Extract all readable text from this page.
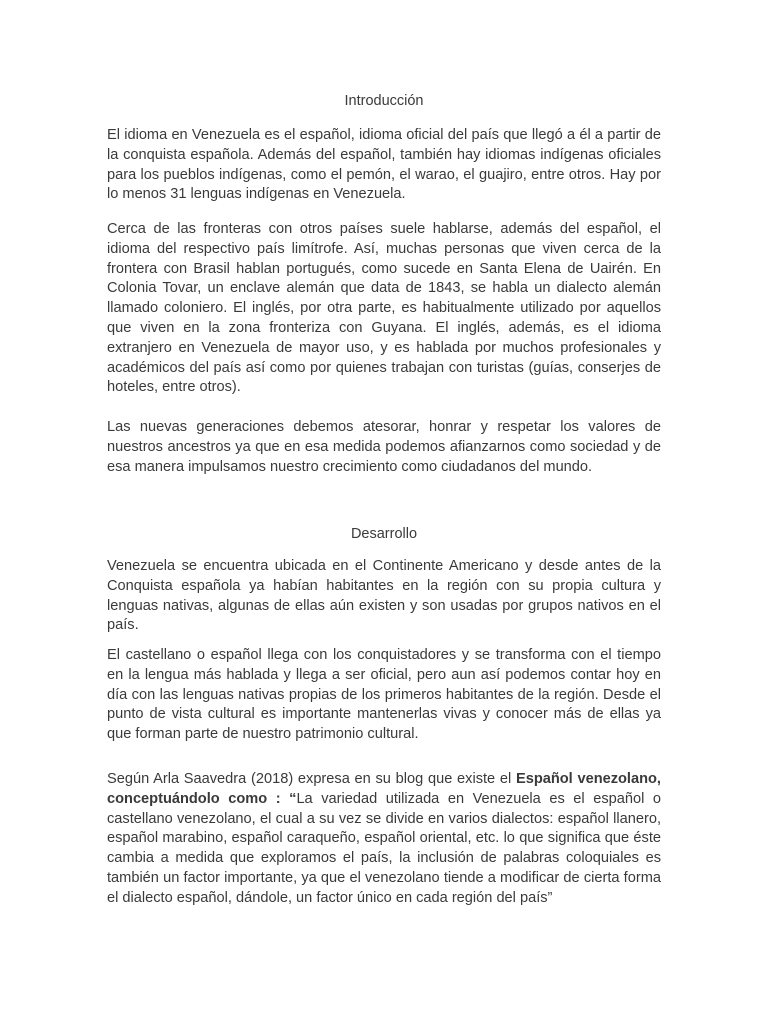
Introducción

El idioma en Venezuela es el español, idioma oficial del país que llegó a él a partir de la conquista española. Además del español, también hay idiomas indígenas oficiales para los pueblos indígenas, como el pemón, el warao, el guajiro, entre otros. Hay por lo menos 31 lenguas indígenas en Venezuela.

Cerca de las fronteras con otros países suele hablarse, además del español, el idioma del respectivo país limítrofe. Así, muchas personas que viven cerca de la frontera con Brasil hablan portugués, como sucede en Santa Elena de Uairén. En Colonia Tovar, un enclave alemán que data de 1843, se habla un dialecto alemán llamado coloniero. El inglés, por otra parte, es habitualmente utilizado por aquellos que viven en la zona fronteriza con Guyana. El inglés, además, es el idioma extranjero en Venezuela de mayor uso, y es hablada por muchos profesionales y académicos del país así como por quienes trabajan con turistas (guías, conserjes de hoteles, entre otros).

Las nuevas generaciones debemos atesorar, honrar y respetar los valores de nuestros ancestros ya que en esa medida podemos afianzarnos como sociedad y de esa manera impulsamos nuestro crecimiento como ciudadanos del mundo.

Desarrollo

Venezuela se encuentra ubicada en el Continente Americano y desde antes de la Conquista española ya habían habitantes en la región con su propia cultura y lenguas nativas, algunas de ellas aún existen y son usadas por grupos nativos en el país.

El castellano o español llega con los conquistadores y se transforma con el tiempo en la lengua más hablada y llega a ser oficial, pero aun así podemos contar hoy en día con las lenguas nativas propias de los primeros habitantes de la región. Desde el punto de vista cultural es importante mantenerlas vivas y conocer más de ellas ya que forman parte de nuestro patrimonio cultural.

Según Arla Saavedra (2018) expresa en su blog que existe el Español venezolano, conceptuándolo como : “La variedad utilizada en Venezuela es el español o castellano venezolano, el cual a su vez se divide en varios dialectos: español llanero, español marabino, español caraqueño, español oriental, etc. lo que significa que éste cambia a medida que exploramos el país, la inclusión de palabras coloquiales es también un factor importante, ya que el venezolano tiende a modificar de cierta forma el dialecto español, dándole, un factor único en cada región del país”
